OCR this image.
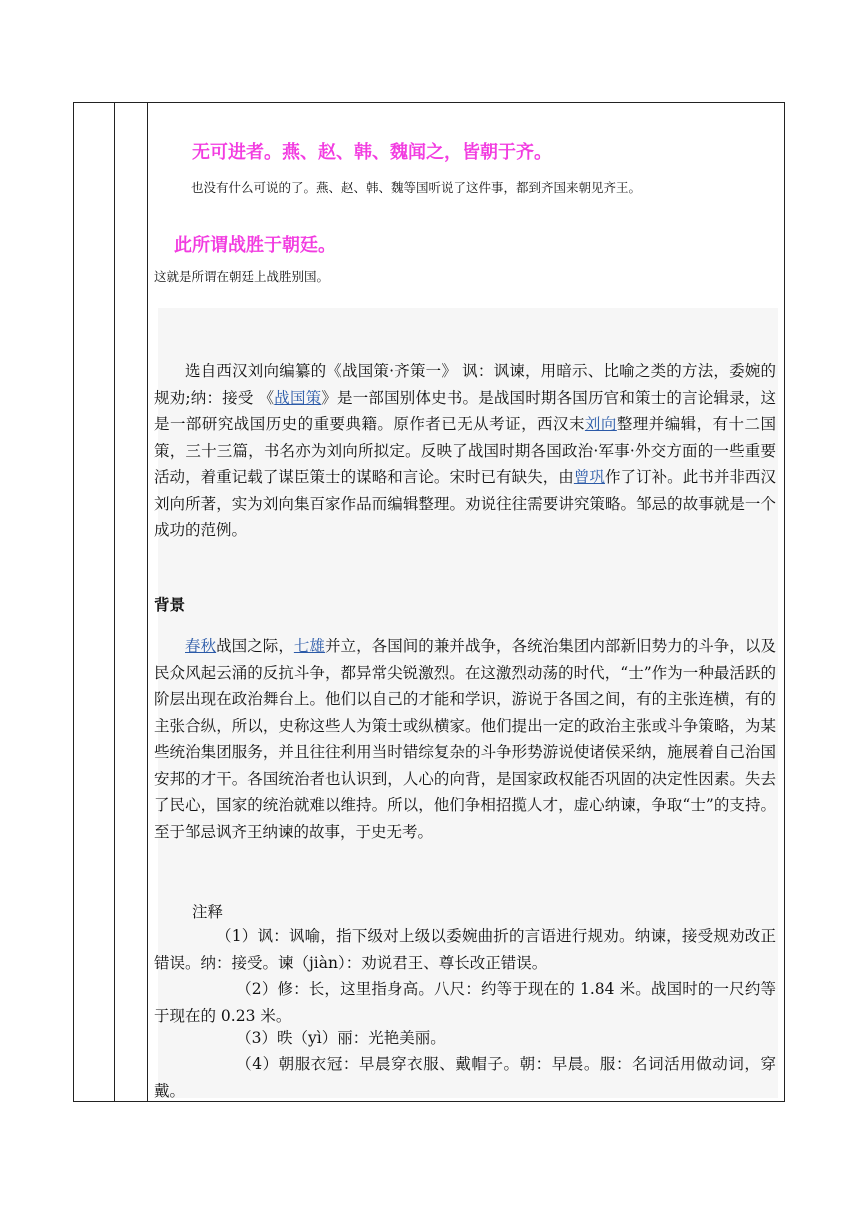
无可进者。燕、赵、韩、魏闻之，皆朝于齐。
也没有什么可说的了。燕、赵、韩、魏等国听说了这件事，都到齐国来朝见齐王。
此所谓战胜于朝廷。
这就是所谓在朝廷上战胜别国。
选自西汉刘向编纂的《战国策·齐策一》 讽：讽谏，用暗示、比喻之类的方法，委婉的规劝;纳：接受 《战国策》是一部国别体史书。是战国时期各国历官和策士的言论辑录，这是一部研究战国历史的重要典籍。原作者已无从考证，西汉末刘向整理并编辑，有十二国策，三十三篇，书名亦为刘向所拟定。反映了战国时期各国政治·军事·外交方面的一些重要活动，着重记载了谋臣策士的谋略和言论。宋时已有缺失，由曾巩作了订补。此书并非西汉刘向所著，实为刘向集百家作品而编辑整理。劝说往往需要讲究策略。邹忌的故事就是一个成功的范例。
背景
春秋战国之际，七雄并立，各国间的兼并战争，各统治集团内部新旧势力的斗争，以及民众风起云涌的反抗斗争，都异常尖锐激烈。在这激烈动荡的时代，“士”作为一种最活跃的阶层出现在政治舞台上。他们以自己的才能和学识，游说于各国之间，有的主张连横，有的主张合纵，所以，史称这些人为策士或纵横家。他们提出一定的政治主张或斗争策略，为某些统治集团服务，并且往往利用当时错综复杂的斗争形势游说使诸侯采纳，施展着自己治国安邦的才干。各国统治者也认识到，人心的向背，是国家政权能否巩固的决定性因素。失去了民心，国家的统治就难以维持。所以，他们争相招揽人才，虚心纳谏，争取“士”的支持。 至于邹忌讽齐王纳谏的故事，于史无考。
注释
（1）讽：讽喻，指下级对上级以委婉曲折的言语进行规劝。纳谏，接受规劝改正错误。纳：接受。谏（jiàn）：劝说君王、尊长改正错误。
（2）修：长，这里指身高。八尺：约等于现在的 1.84 米。战国时的一尺约等于现在的 0.23 米。
（3）昳（yì）丽：光艳美丽。
（4）朝服衣冠：早晨穿衣服、戴帽子。朝：早晨。服：名词活用做动词，穿戴。
